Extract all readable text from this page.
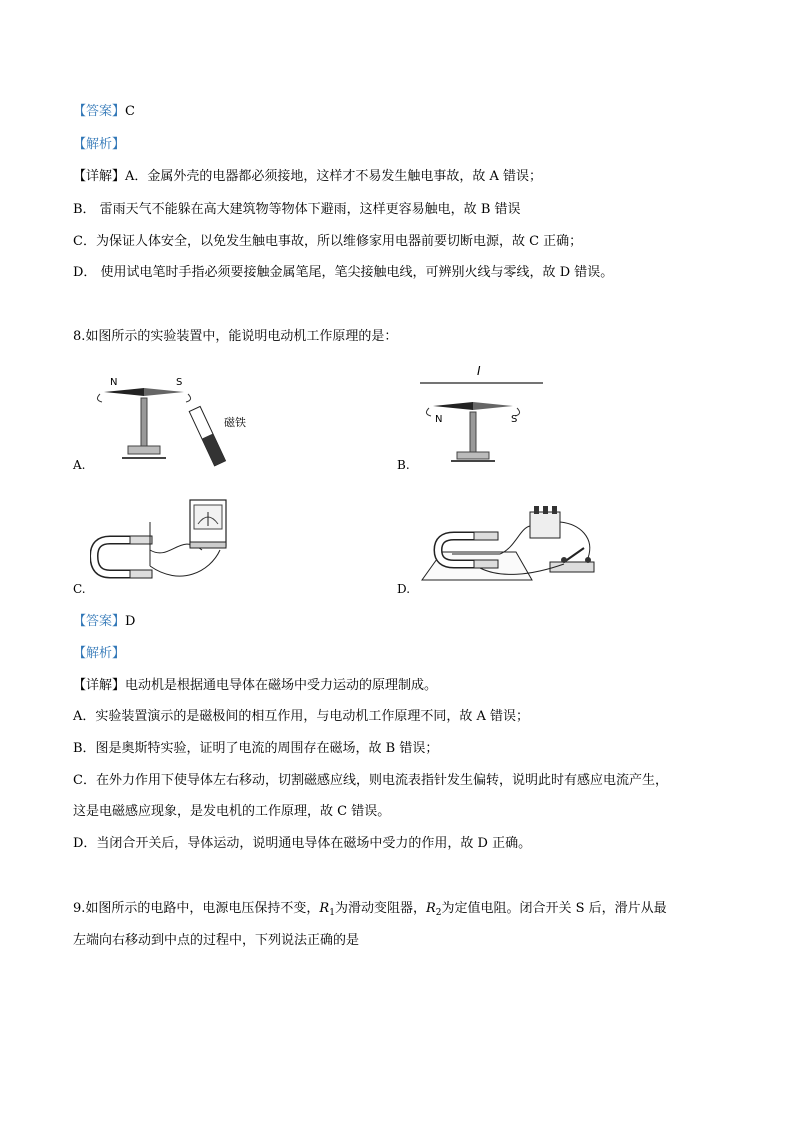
【答案】C
【解析】
【详解】A．金属外壳的电器都必须接地，这样才不易发生触电事故，故 A 错误；
B． 雷雨天气不能躲在高大建筑物等物体下避雨，这样更容易触电，故 B 错误
C．为保证人体安全，以免发生触电事故，所以维修家用电器前要切断电源，故 C 正确；
D． 使用试电笔时手指必须要接触金属笔尾，笔尖接触电线，可辨别火线与零线，故 D 错误。
8.如图所示的实验装置中，能说明电动机工作原理的是：
N	S
磁铁
A.
I
N	S
B.
C.	D.
【答案】D
【解析】
【详解】电动机是根据通电导体在磁场中受力运动的原理制成。
A．实验装置演示的是磁极间的相互作用，与电动机工作原理不同，故 A 错误；
B．图是奥斯特实验，证明了电流的周围存在磁场，故 B 错误；
C．在外力作用下使导体左右移动，切割磁感应线，则电流表指针发生偏转，说明此时有感应电流产生，
这是电磁感应现象，是发电机的工作原理，故 C 错误。
D．当闭合开关后，导体运动，说明通电导体在磁场中受力的作用，故 D 正确。
9.如图所示的电路中，电源电压保持不变，$R_1$为滑动变阻器，$R_2$为定值电阻。闭合开关 S 后，滑片从最
左端向右移动到中点的过程中，下列说法正确的是
